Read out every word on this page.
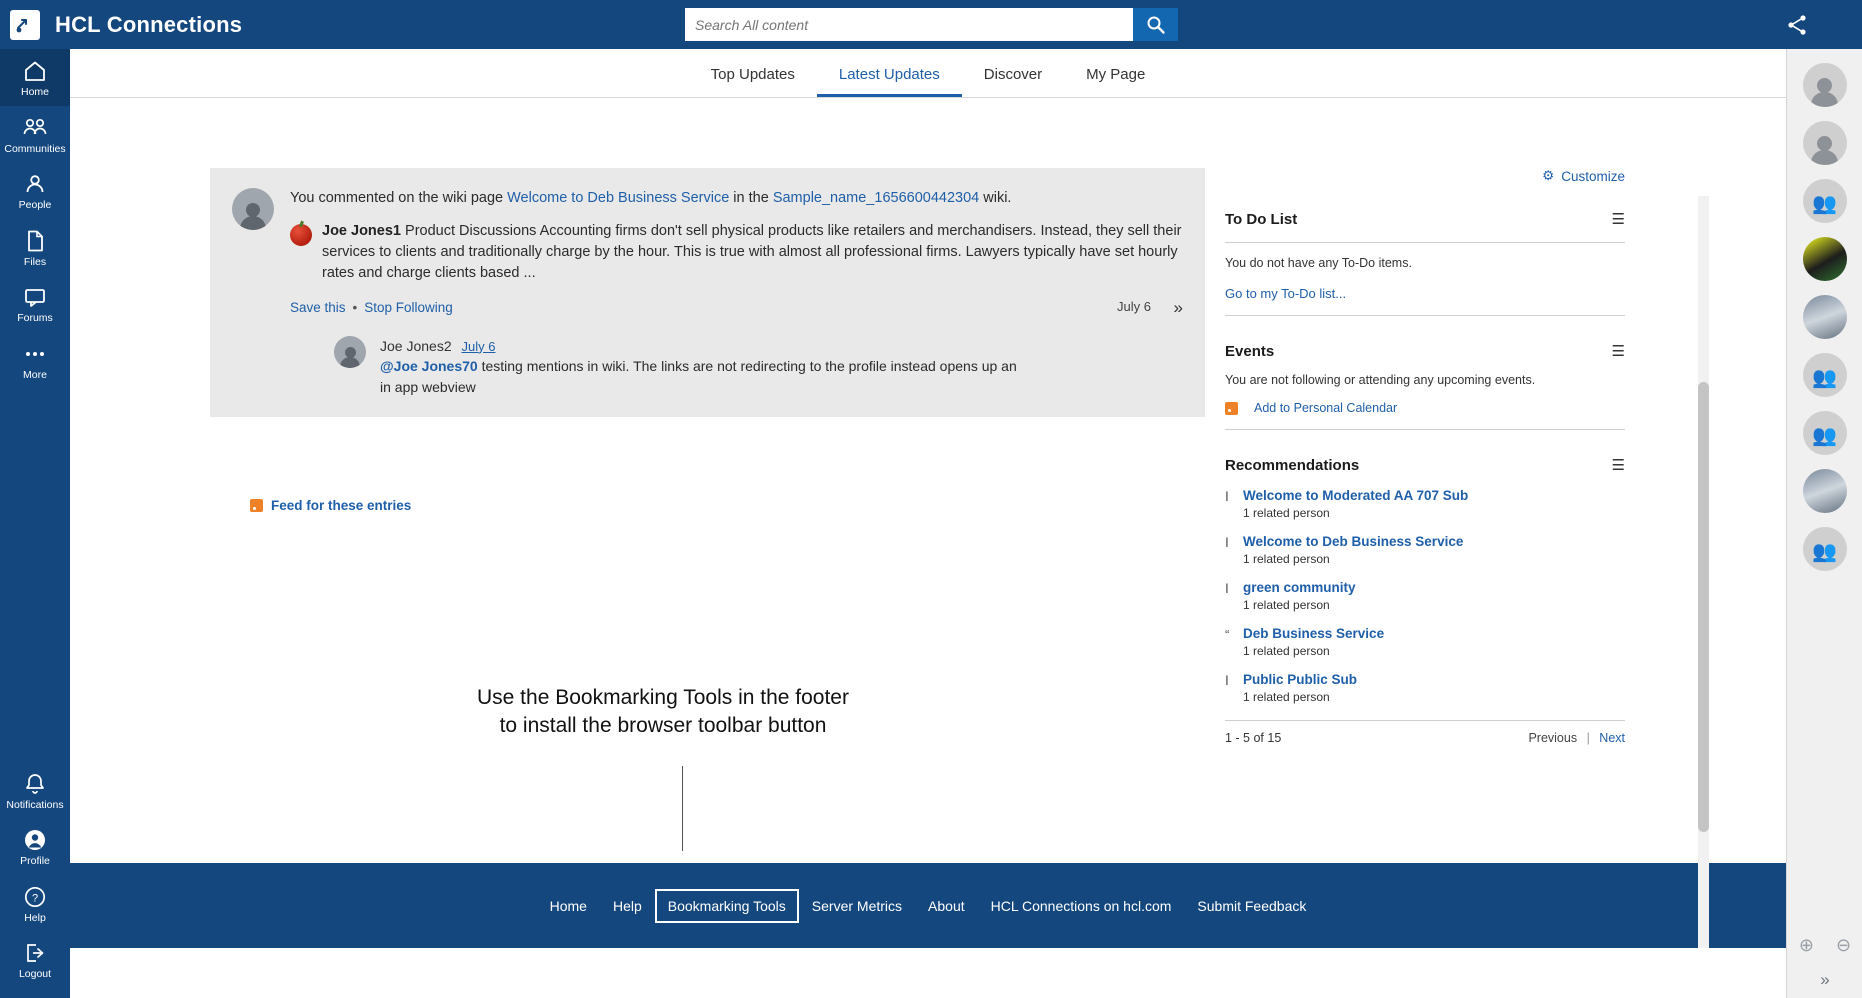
HCL Connections
Search All content
Home
Communities
People
Files
Forums
More
Notifications
Profile
?
Help
Logout
Top Updates	Latest Updates	Discover	My Page
You commented on the wiki page Welcome to Deb Business Service in the Sample_name_1656600442304 wiki.
Joe Jones1 Product Discussions Accounting firms don't sell physical products like retailers and merchandisers. Instead, they sell their services to clients and traditionally charge by the hour. This is true with almost all professional firms. Lawyers typically have set hourly rates and charge clients based ...
Save this • Stop Following	July 6 »
Joe Jones2 July 6
@Joe Jones70 testing mentions in wiki. The links are not redirecting to the profile instead opens up an
in app webview
Feed for these entries
⚙ Customize
To Do List	☰
You do not have any To-Do items.
Go to my To-Do list...
Events	☰
You are not following or attending any upcoming events.
Add to Personal Calendar
Recommendations	☰
Ⅰ	Welcome to Moderated AA 707 Sub
1 related person
Ⅰ	Welcome to Deb Business Service
1 related person
Ⅰ	green community
1 related person
“	Deb Business Service
1 related person
Ⅰ	Public Public Sub
1 related person
1 - 5 of 15	Previous | Next
Use the Bookmarking Tools in the footer
to install the browser toolbar button
Home	Help	Bookmarking Tools	Server Metrics	About	HCL Connections on hcl.com	Submit Feedback
👥
👥
👥
👥
⊕ ⊖
»
